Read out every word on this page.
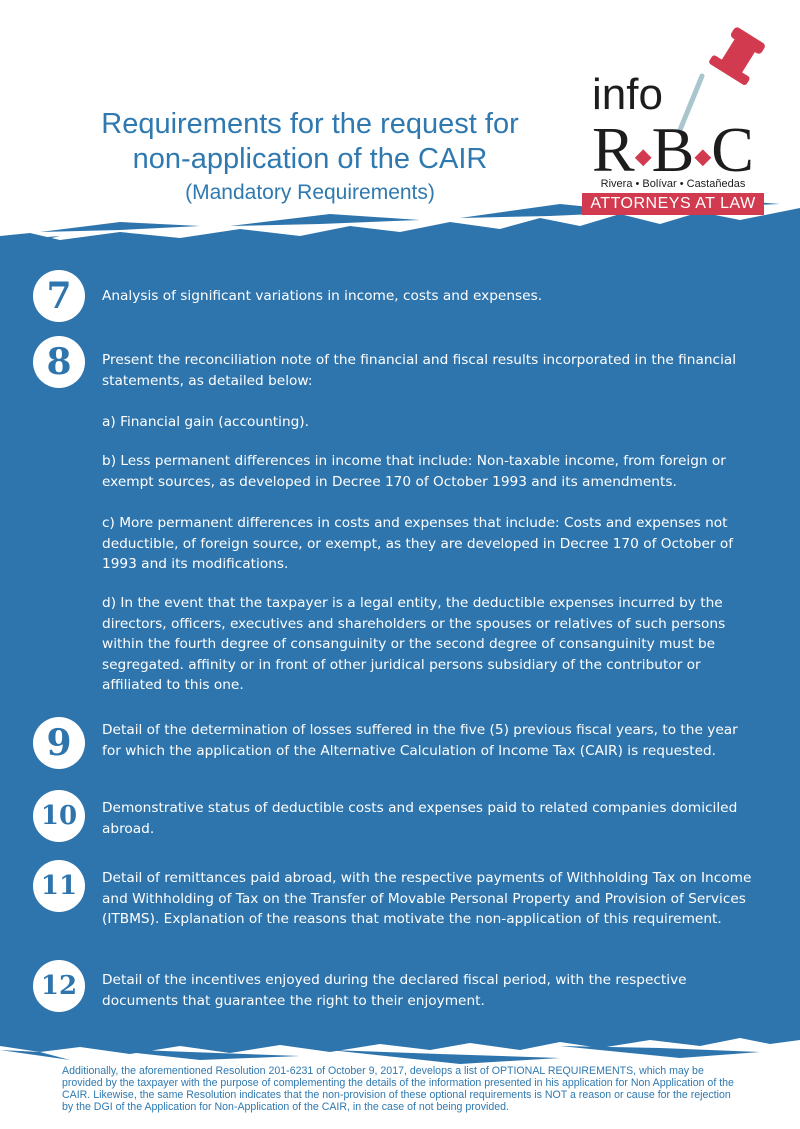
Requirements for the request for
non-application of the CAIR
(Mandatory Requirements)
info
R◆B◆C
Rivera • Bolívar • Castañedas
ATTORNEYS AT LAW
7	Analysis of significant variations in income, costs and expenses.
8	Present the reconciliation note of the financial and fiscal results incorporated in the financial statements, as detailed below:
a) Financial gain (accounting).
b) Less permanent differences in income that include: Non-taxable income, from foreign or exempt sources, as developed in Decree 170 of October 1993 and its amendments.
c) More permanent differences in costs and expenses that include: Costs and expenses not deductible, of foreign source, or exempt, as they are developed in Decree 170 of October of 1993 and its modifications.
d) In the event that the taxpayer is a legal entity, the deductible expenses incurred by the directors, officers, executives and shareholders or the spouses or relatives of such persons within the fourth degree of consanguinity or the second degree of consanguinity must be segregated. affinity or in front of other juridical persons subsidiary of the contributor or affiliated to this one.
9	Detail of the determination of losses suffered in the five (5) previous fiscal years, to the year for which the application of the Alternative Calculation of Income Tax (CAIR) is requested.
10	Demonstrative status of deductible costs and expenses paid to related companies domiciled abroad.
11	Detail of remittances paid abroad, with the respective payments of Withholding Tax on Income and Withholding of Tax on the Transfer of Movable Personal Property and Provision of Services (ITBMS). Explanation of the reasons that motivate the non-application of this requirement.
12	Detail of the incentives enjoyed during the declared fiscal period, with the respective documents that guarantee the right to their enjoyment.
Additionally, the aforementioned Resolution 201-6231 of October 9, 2017, develops a list of OPTIONAL REQUIREMENTS, which may be provided by the taxpayer with the purpose of complementing the details of the information presented in his application for Non Application of the CAIR. Likewise, the same Resolution indicates that the non-provision of these optional requirements is NOT a reason or cause for the rejection by the DGI of the Application for Non-Application of the CAIR, in the case of not being provided.
